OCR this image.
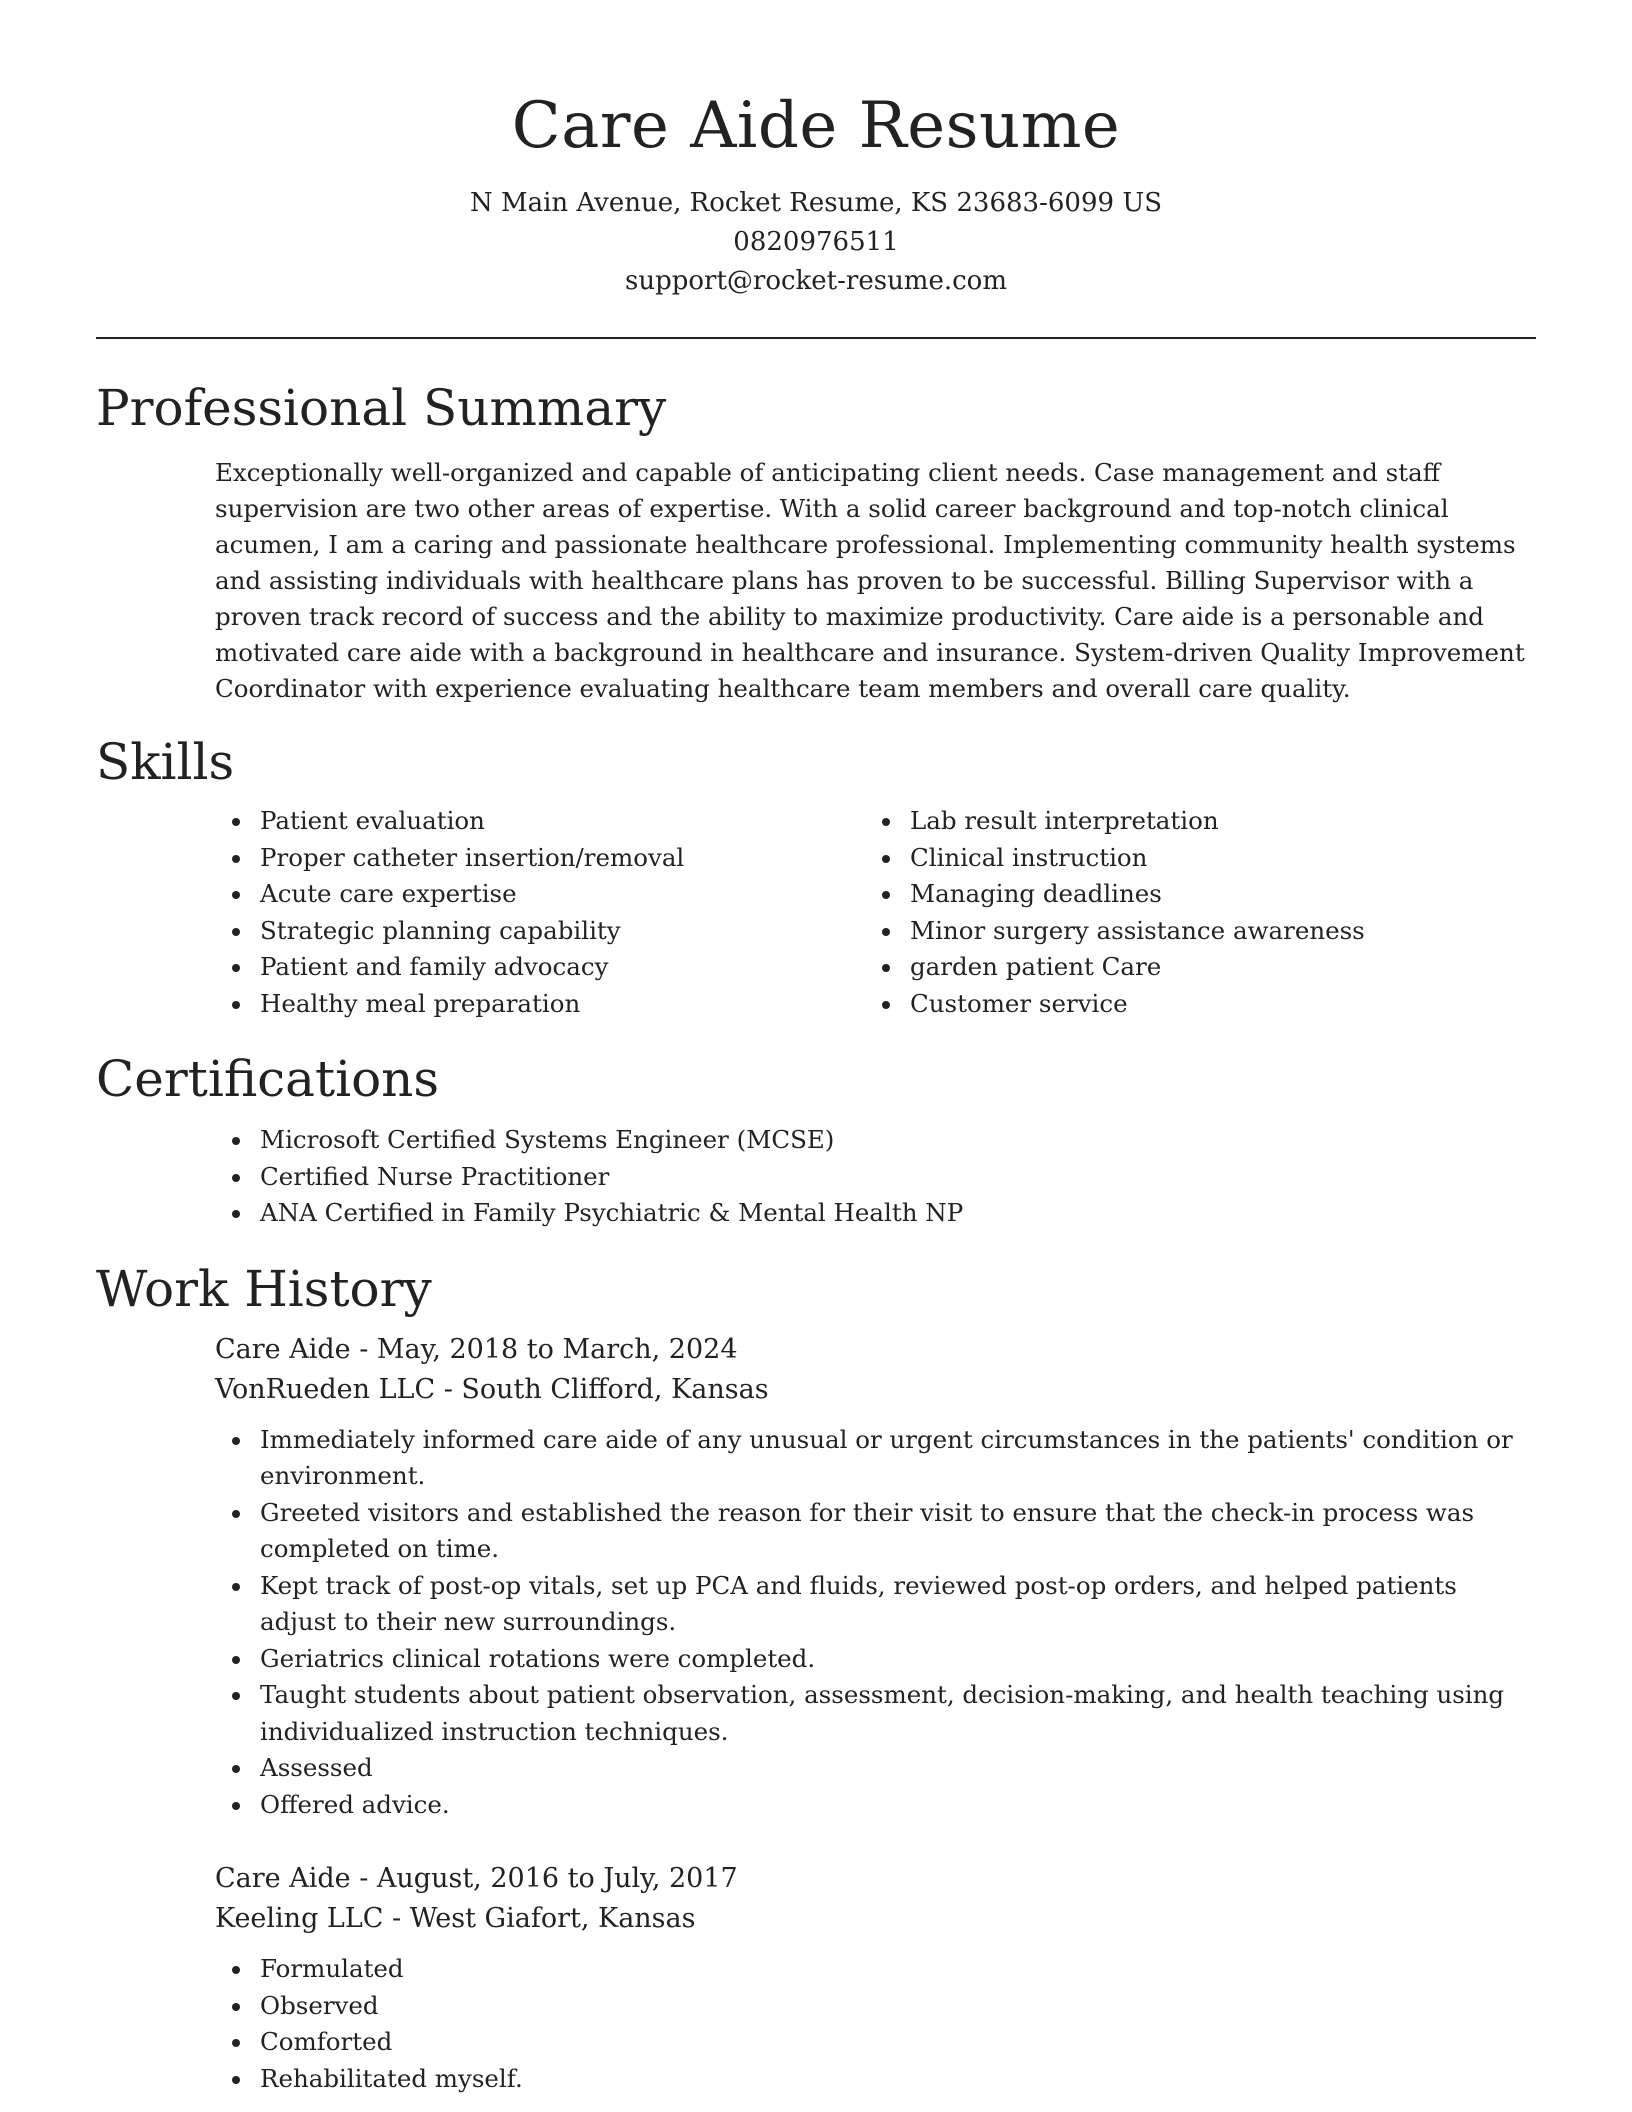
Care Aide Resume

N Main Avenue, Rocket Resume, KS 23683-6099 US

0820976511

support@rocket-resume.com

Professional Summary

Exceptionally well-organized and capable of anticipating client needs. Case management and staff supervision are two other areas of expertise. With a solid career background and top-notch clinical acumen, I am a caring and passionate healthcare professional. Implementing community health systems and assisting individuals with healthcare plans has proven to be successful. Billing Supervisor with a proven track record of success and the ability to maximize productivity. Care aide is a personable and motivated care aide with a background in healthcare and insurance. System-driven Quality Improvement Coordinator with experience evaluating healthcare team members and overall care quality.

Skills
Patient evaluation
Proper catheter insertion/removal
Acute care expertise
Strategic planning capability
Patient and family advocacy
Healthy meal preparation
Lab result interpretation
Clinical instruction
Managing deadlines
Minor surgery assistance awareness
garden patient Care
Customer service
Certifications
Microsoft Certified Systems Engineer (MCSE)
Certified Nurse Practitioner
ANA Certified in Family Psychiatric & Mental Health NP
Work History
Care Aide - May, 2018 to March, 2024
VonRueden LLC - South Clifford, Kansas
Immediately informed care aide of any unusual or urgent circumstances in the patients' condition or environment.
Greeted visitors and established the reason for their visit to ensure that the check-in process was completed on time.
Kept track of post-op vitals, set up PCA and fluids, reviewed post-op orders, and helped patients adjust to their new surroundings.
Geriatrics clinical rotations were completed.
Taught students about patient observation, assessment, decision-making, and health teaching using individualized instruction techniques.
Assessed
Offered advice.
Care Aide - August, 2016 to July, 2017
Keeling LLC - West Giafort, Kansas
Formulated
Observed
Comforted
Rehabilitated myself.
